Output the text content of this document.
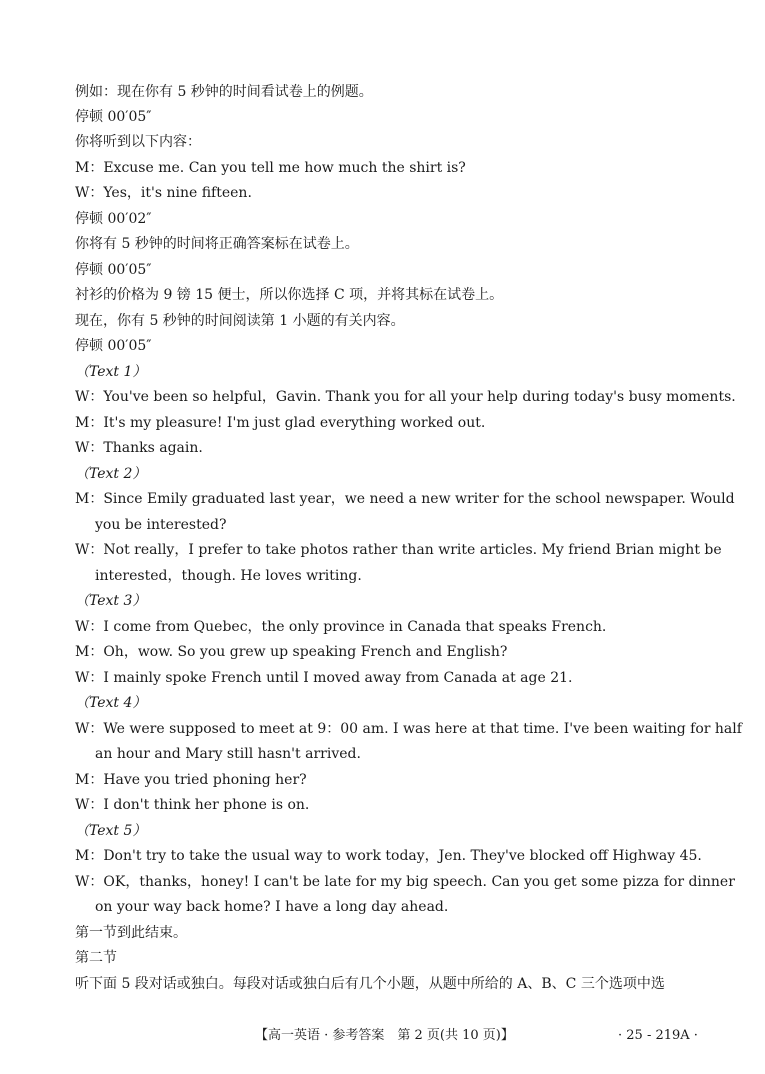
例如：现在你有 5 秒钟的时间看试卷上的例题。
停顿 00′05″
你将听到以下内容：
M：Excuse me. Can you tell me how much the shirt is?
W：Yes，it's nine fifteen.
停顿 00′02″
你将有 5 秒钟的时间将正确答案标在试卷上。
停顿 00′05″
衬衫的价格为 9 镑 15 便士，所以你选择 C 项，并将其标在试卷上。
现在，你有 5 秒钟的时间阅读第 1 小题的有关内容。
停顿 00′05″
（Text 1）
W：You've been so helpful，Gavin. Thank you for all your help during today's busy moments.
M：It's my pleasure! I'm just glad everything worked out.
W：Thanks again.
（Text 2）
M：Since Emily graduated last year，we need a new writer for the school newspaper. Would
you be interested?
W：Not really，I prefer to take photos rather than write articles. My friend Brian might be
interested，though. He loves writing.
（Text 3）
W：I come from Quebec，the only province in Canada that speaks French.
M：Oh，wow. So you grew up speaking French and English?
W：I mainly spoke French until I moved away from Canada at age 21.
（Text 4）
W：We were supposed to meet at 9：00 am. I was here at that time. I've been waiting for half
an hour and Mary still hasn't arrived.
M：Have you tried phoning her?
W：I don't think her phone is on.
（Text 5）
M：Don't try to take the usual way to work today，Jen. They've blocked off Highway 45.
W：OK，thanks，honey! I can't be late for my big speech. Can you get some pizza for dinner
on your way back home? I have a long day ahead.
第一节到此结束。
第二节
听下面 5 段对话或独白。每段对话或独白后有几个小题，从题中所给的 A、B、C 三个选项中选
【高一英语 · 参考答案　第 2 页(共 10 页)】	· 25 - 219A ·
